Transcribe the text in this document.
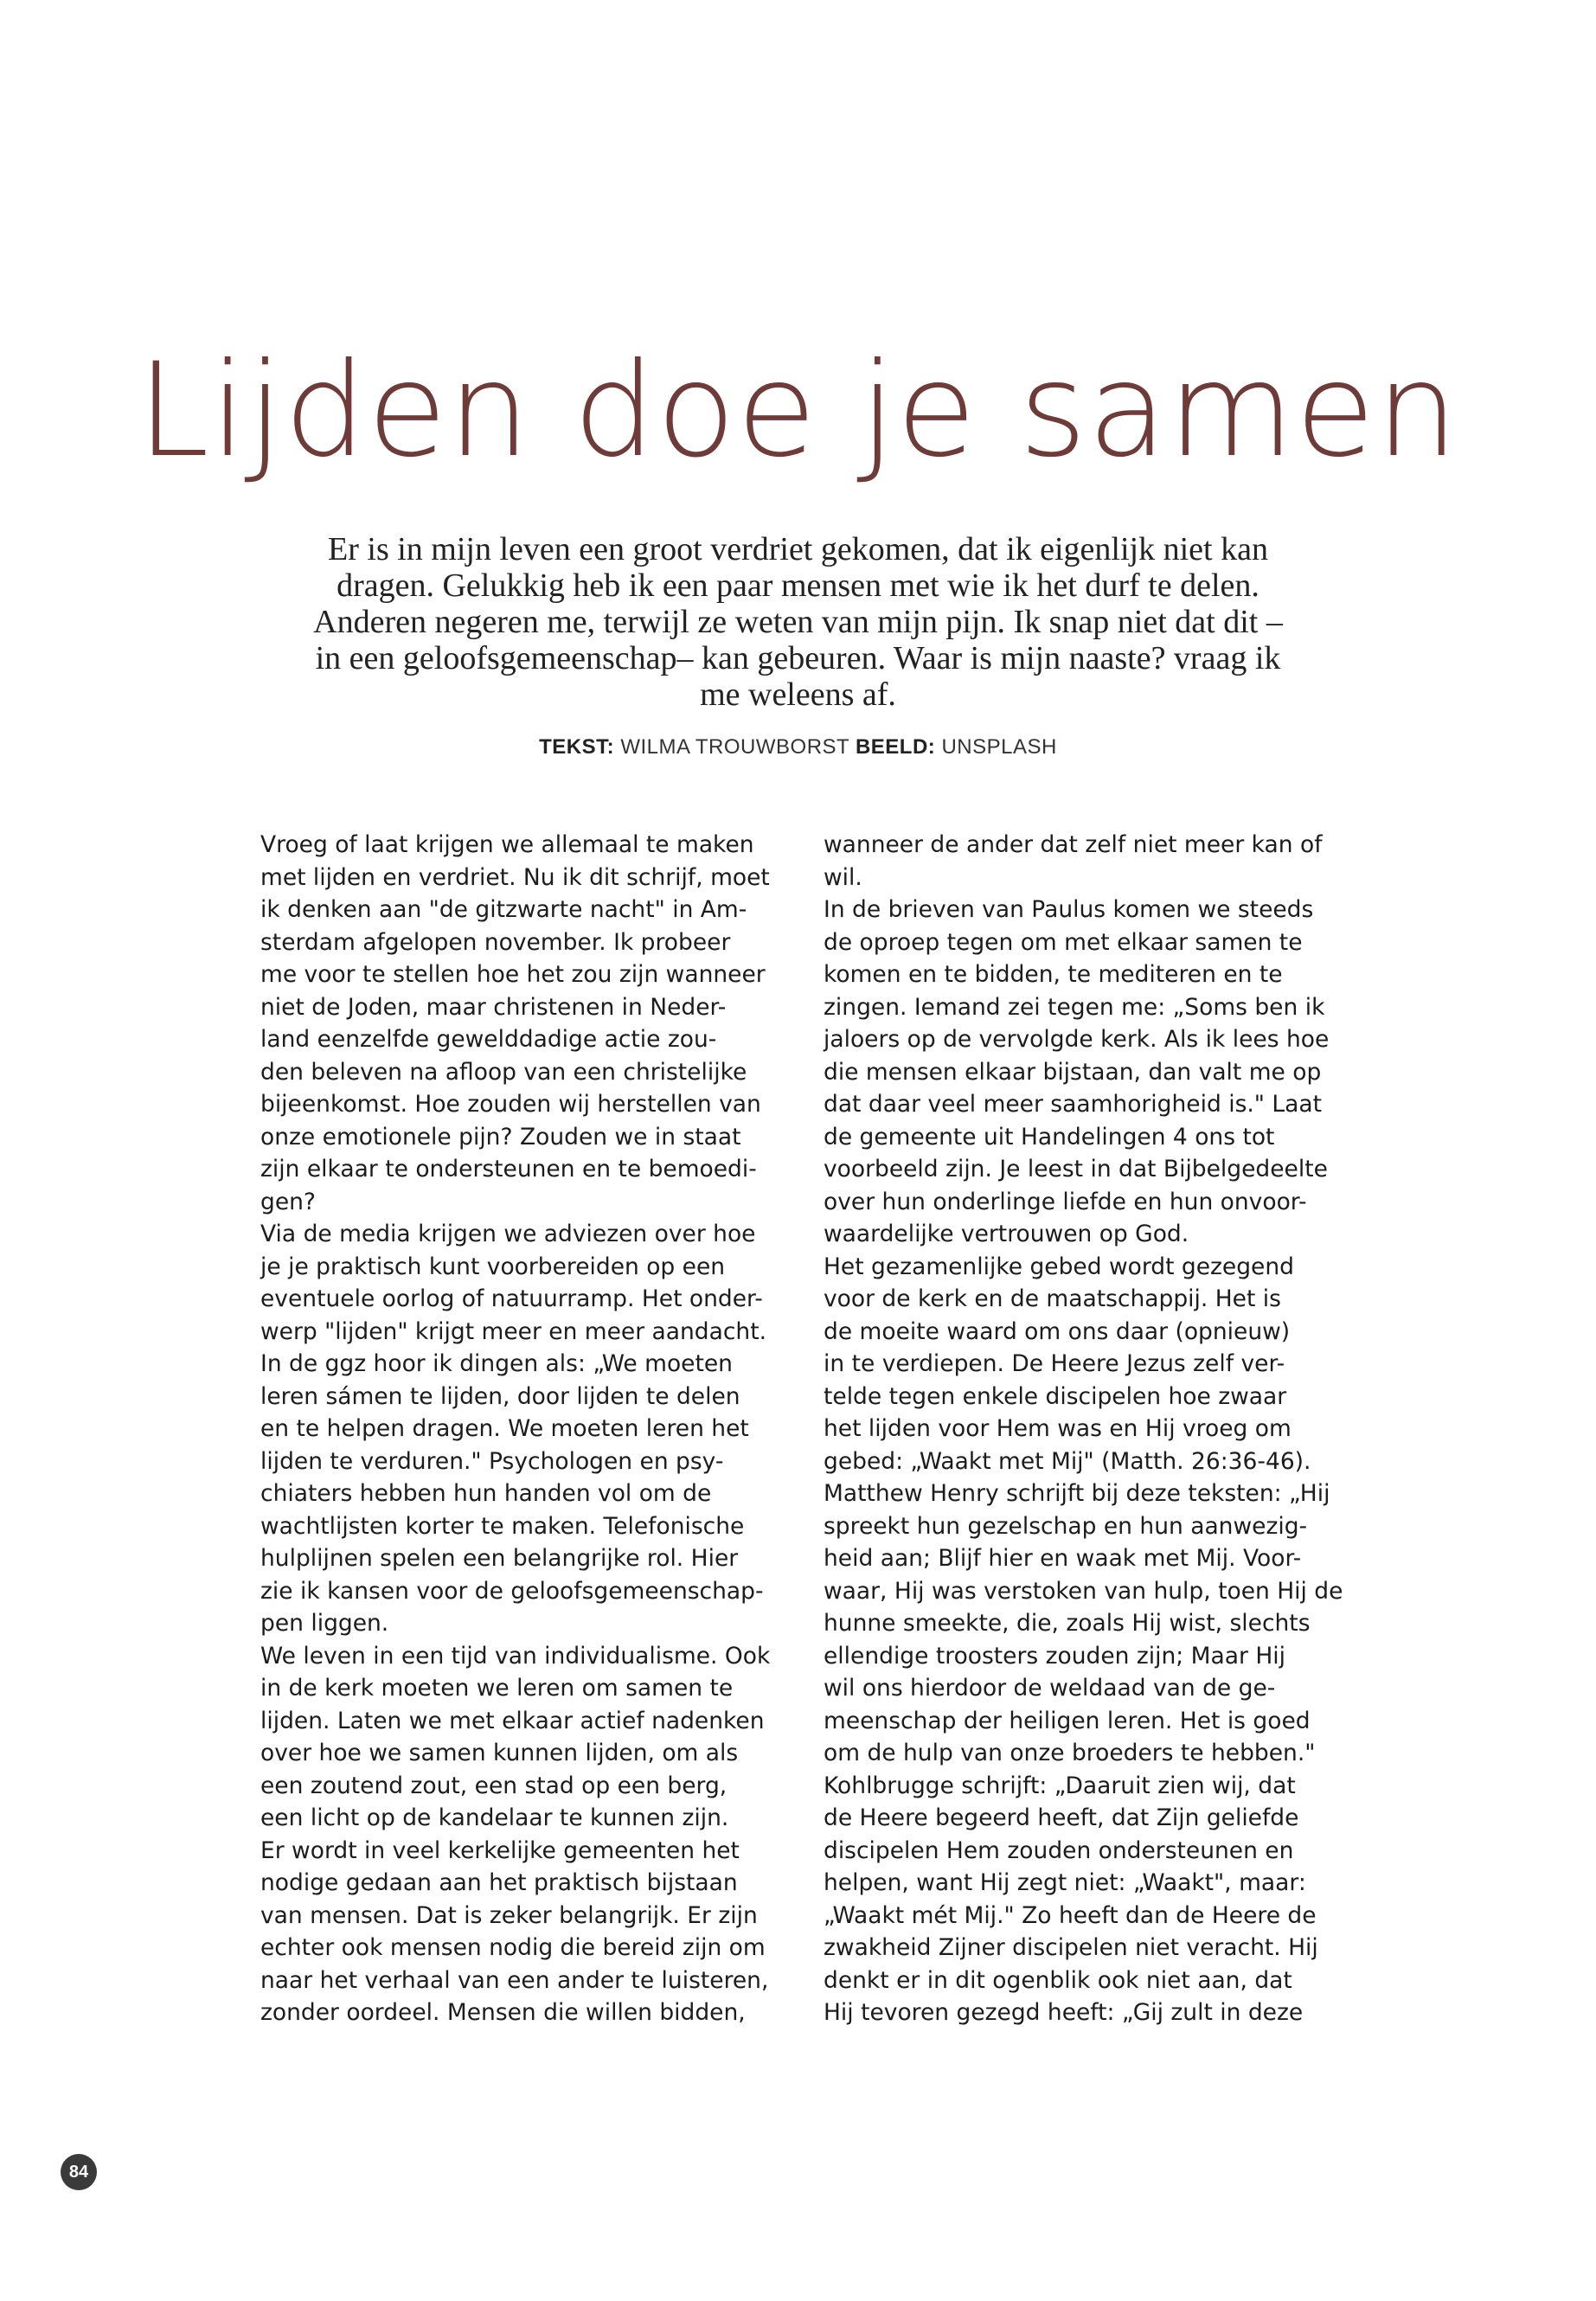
Lijden doe je samen

Er is in mijn leven een groot verdriet gekomen, dat ik eigenlijk niet kan dragen. Gelukkig heb ik een paar mensen met wie ik het durf te delen. Anderen negeren me, terwijl ze weten van mijn pijn. Ik snap niet dat dit –in een geloofsgemeenschap– kan gebeuren. Waar is mijn naaste? vraag ik me weleens af.

TEKST: WILMA TROUWBORST BEELD: UNSPLASH
Vroeg of laat krijgen we allemaal te maken
met lijden en verdriet. Nu ik dit schrijf, moet
ik denken aan "de gitzwarte nacht" in Am-
sterdam afgelopen november. Ik probeer
me voor te stellen hoe het zou zijn wanneer
niet de Joden, maar christenen in Neder-
land eenzelfde gewelddadige actie zou-
den beleven na afloop van een christelijke
bijeenkomst. Hoe zouden wij herstellen van
onze emotionele pijn? Zouden we in staat
zijn elkaar te ondersteunen en te bemoedi-
gen?
Via de media krijgen we adviezen over hoe
je je praktisch kunt voorbereiden op een
eventuele oorlog of natuurramp. Het onder-
werp "lijden" krijgt meer en meer aandacht.
In de ggz hoor ik dingen als: „We moeten
leren sámen te lijden, door lijden te delen
en te helpen dragen. We moeten leren het
lijden te verduren." Psychologen en psy-
chiaters hebben hun handen vol om de
wachtlijsten korter te maken. Telefonische
hulplijnen spelen een belangrijke rol. Hier
zie ik kansen voor de geloofsgemeenschap-
pen liggen.
We leven in een tijd van individualisme. Ook
in de kerk moeten we leren om samen te
lijden. Laten we met elkaar actief nadenken
over hoe we samen kunnen lijden, om als
een zoutend zout, een stad op een berg,
een licht op de kandelaar te kunnen zijn.
Er wordt in veel kerkelijke gemeenten het
nodige gedaan aan het praktisch bijstaan
van mensen. Dat is zeker belangrijk. Er zijn
echter ook mensen nodig die bereid zijn om
naar het verhaal van een ander te luisteren,
zonder oordeel. Mensen die willen bidden,
wanneer de ander dat zelf niet meer kan of
wil.
In de brieven van Paulus komen we steeds
de oproep tegen om met elkaar samen te
komen en te bidden, te mediteren en te
zingen. Iemand zei tegen me: „Soms ben ik
jaloers op de vervolgde kerk. Als ik lees hoe
die mensen elkaar bijstaan, dan valt me op
dat daar veel meer saamhorigheid is." Laat
de gemeente uit Handelingen 4 ons tot
voorbeeld zijn. Je leest in dat Bijbelgedeelte
over hun onderlinge liefde en hun onvoor-
waardelijke vertrouwen op God.
Het gezamenlijke gebed wordt gezegend
voor de kerk en de maatschappij. Het is
de moeite waard om ons daar (opnieuw)
in te verdiepen. De Heere Jezus zelf ver-
telde tegen enkele discipelen hoe zwaar
het lijden voor Hem was en Hij vroeg om
gebed: „Waakt met Mij" (Matth. 26:36-46).
Matthew Henry schrijft bij deze teksten: „Hij
spreekt hun gezelschap en hun aanwezig-
heid aan; Blijf hier en waak met Mij. Voor-
waar, Hij was verstoken van hulp, toen Hij de
hunne smeekte, die, zoals Hij wist, slechts
ellendige troosters zouden zijn; Maar Hij
wil ons hierdoor de weldaad van de ge-
meenschap der heiligen leren. Het is goed
om de hulp van onze broeders te hebben."
Kohlbrugge schrijft: „Daaruit zien wij, dat
de Heere begeerd heeft, dat Zijn geliefde
discipelen Hem zouden ondersteunen en
helpen, want Hij zegt niet: „Waakt", maar:
„Waakt mét Mij." Zo heeft dan de Heere de
zwakheid Zijner discipelen niet veracht. Hij
denkt er in dit ogenblik ook niet aan, dat
Hij tevoren gezegd heeft: „Gij zult in deze
84
